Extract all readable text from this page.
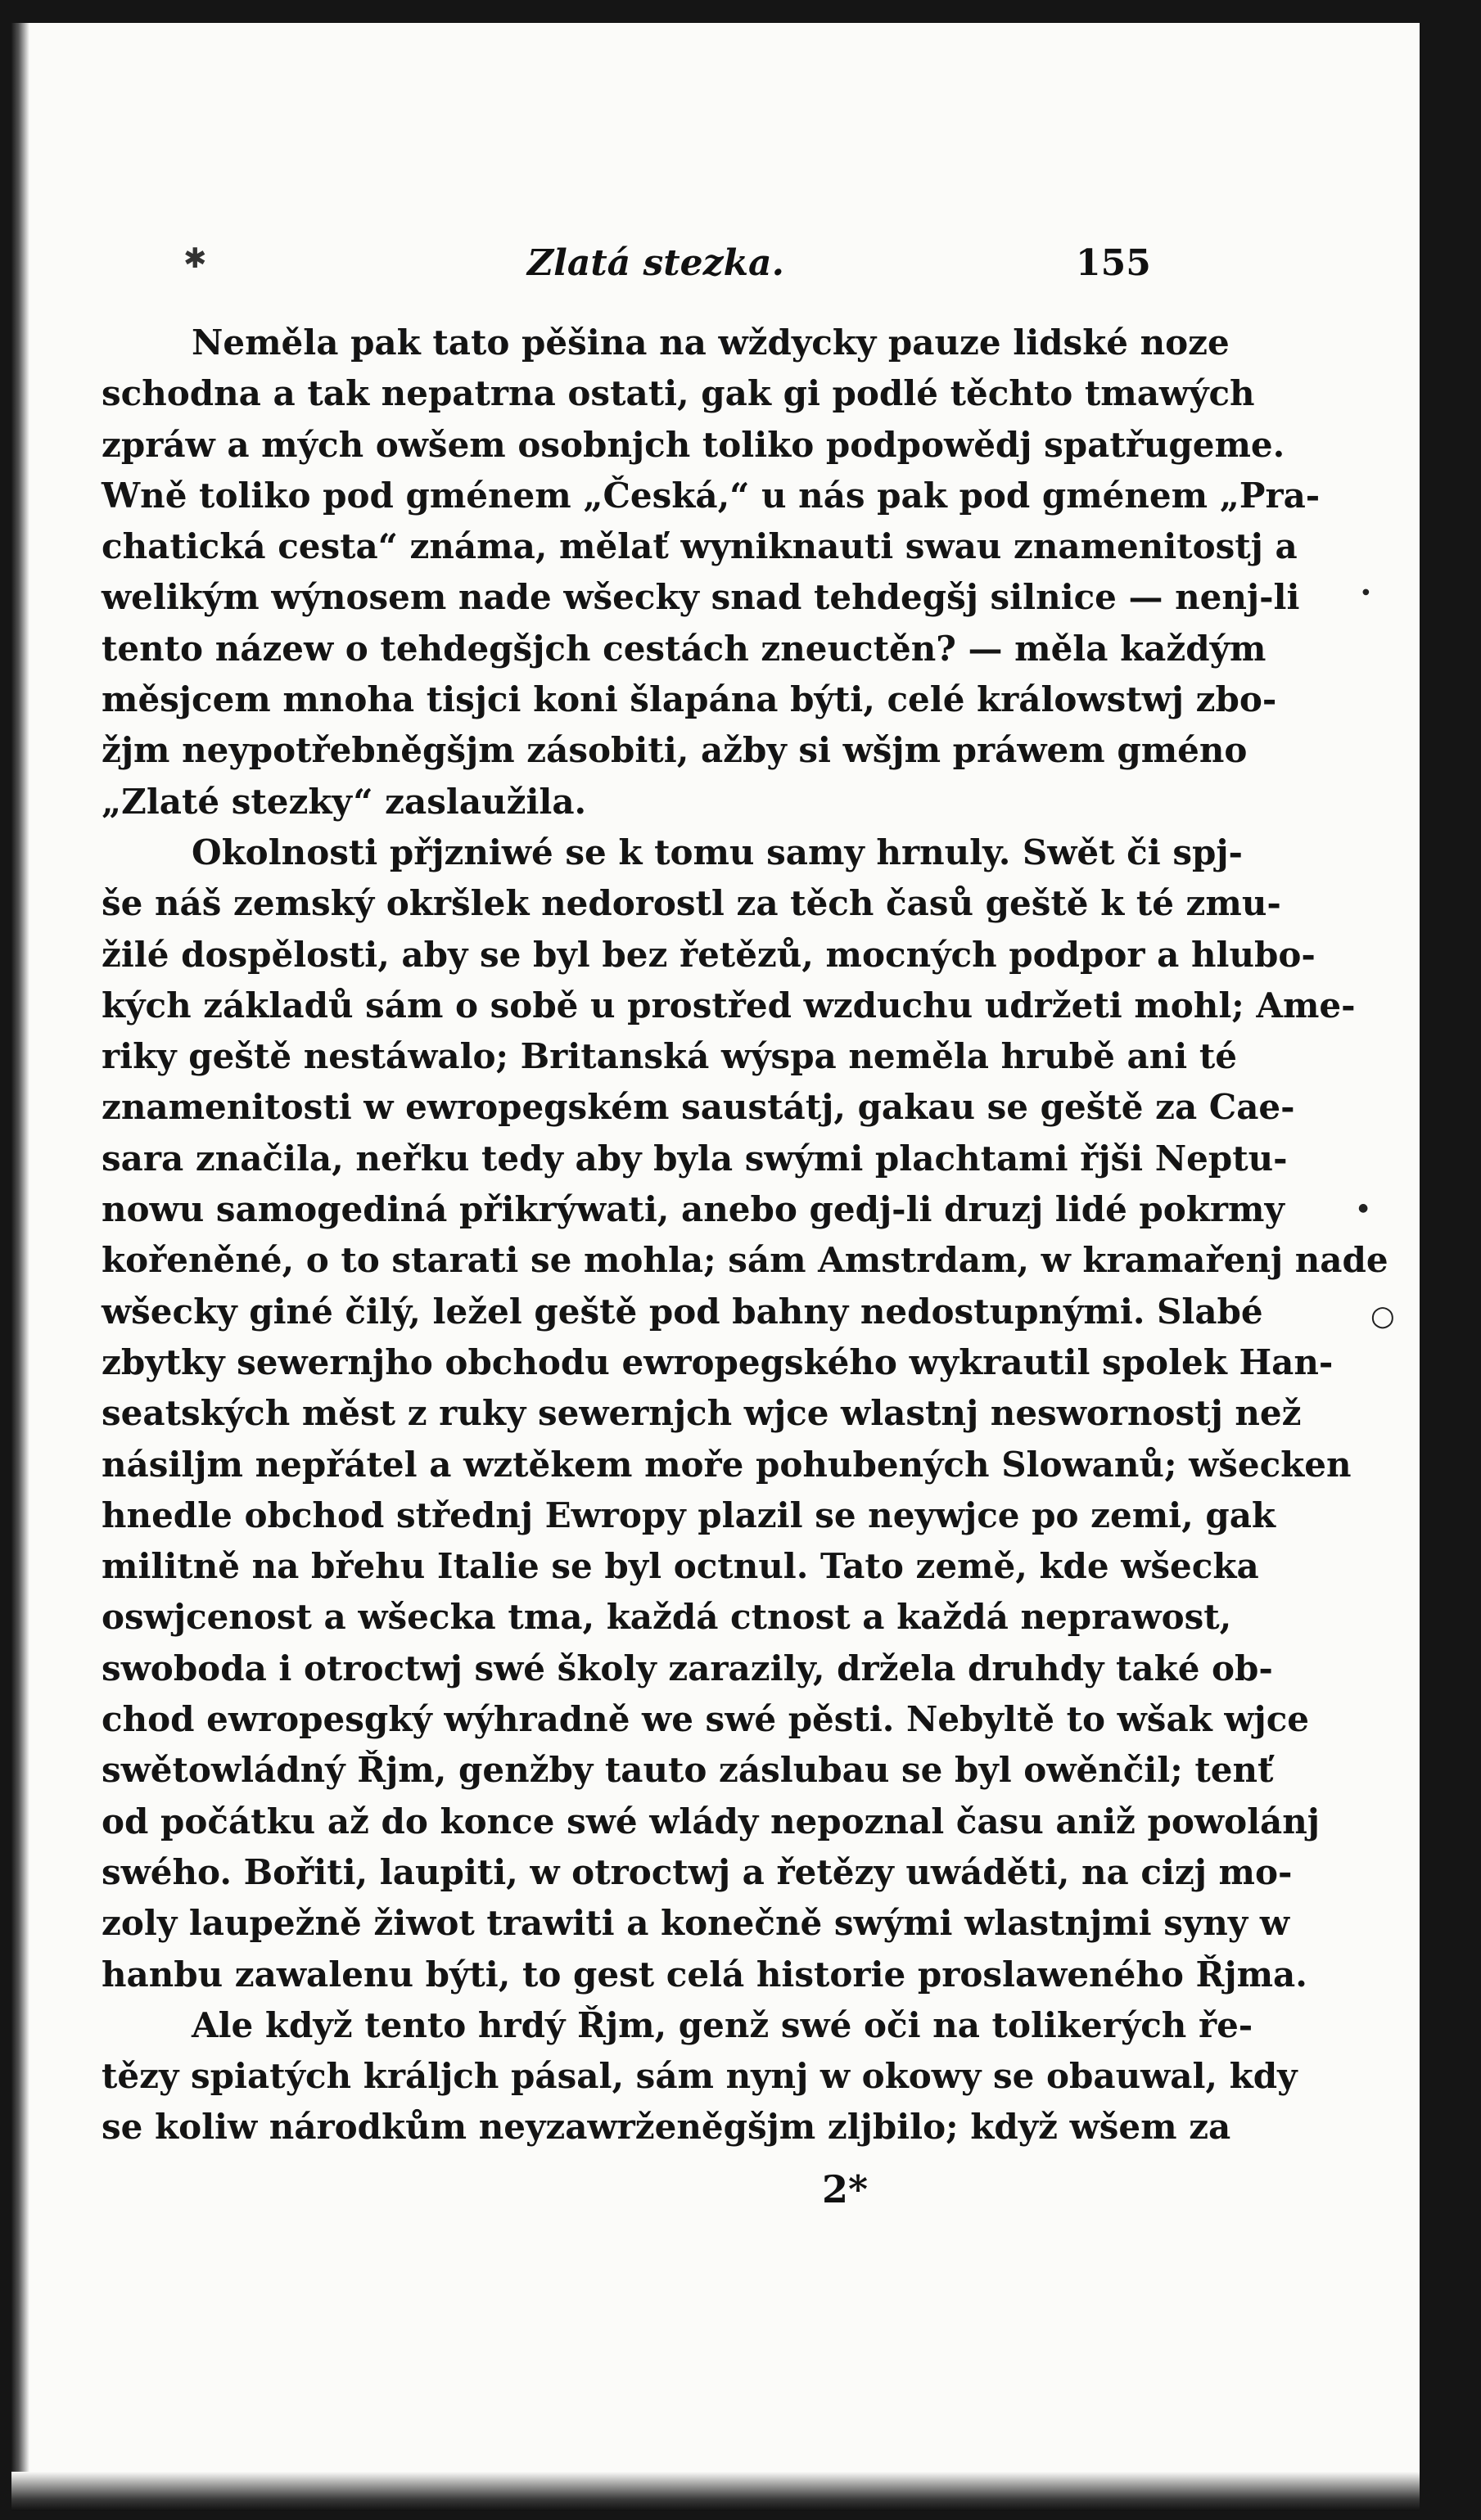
✱	Zlatá stezka.	155
Neměla pak tato pěšina na wždycky pauze lidské noze
schodna a tak nepatrna ostati, gak gi podlé těchto tmawých
zpráw a mých owšem osobnjch toliko podpowědj spatřugeme.
Wně toliko pod gménem „Česká,“ u nás pak pod gménem „Pra-
chatická cesta“ známa, mělať wyniknauti swau znamenitostj a
welikým wýnosem nade wšecky snad tehdegšj silnice — nenj-li
tento názew o tehdegšjch cestách zneuctěn? — měla každým
měsjcem mnoha tisjci koni šlapána býti, celé králowstwj zbo-
žjm neypotřebněgšjm zásobiti, ažby si wšjm práwem gméno
„Zlaté stezky“ zaslaužila.
Okolnosti přjzniwé se k tomu samy hrnuly. Swět či spj-
še náš zemský okršlek nedorostl za těch časů geště k té zmu-
žilé dospělosti, aby se byl bez řetězů, mocných podpor a hlubo-
kých základů sám o sobě u prostřed wzduchu udržeti mohl; Ame-
riky geště nestáwalo; Britanská wýspa neměla hrubě ani té
znamenitosti w ewropegském saustátj, gakau se geště za Cae-
sara značila, neřku tedy aby byla swými plachtami řjši Neptu-
nowu samogediná přikrýwati, anebo gedj-li druzj lidé pokrmy
kořeněné, o to starati se mohla; sám Amstrdam, w kramařenj nade
wšecky giné čilý, ležel geště pod bahny nedostupnými. Slabé
zbytky sewernjho obchodu ewropegského wykrautil spolek Han-
seatských měst z ruky sewernjch wjce wlastnj neswornostj než
násiljm nepřátel a wztěkem moře pohubených Slowanů; wšecken
hnedle obchod střednj Ewropy plazil se neywjce po zemi, gak
militně na břehu Italie se byl octnul. Tato země, kde wšecka
oswjcenost a wšecka tma, každá ctnost a každá neprawost,
swoboda i otroctwj swé školy zarazily, držela druhdy také ob-
chod ewropesgký wýhradně we swé pěsti. Nebyltě to wšak wjce
swětowládný Řjm, genžby tauto záslubau se byl owěnčil; tenť
od počátku až do konce swé wlády nepoznal času aniž powolánj
swého. Bořiti, laupiti, w otroctwj a řetězy uwáděti, na cizj mo-
zoly laupežně žiwot trawiti a konečně swými wlastnjmi syny w
hanbu zawalenu býti, to gest celá historie proslaweného Řjma.
Ale když tento hrdý Řjm, genž swé oči na tolikerých ře-
tězy spiatých králjch pásal, sám nynj w okowy se obauwal, kdy
se koliw národkům neyzawrženěgšjm zljbilo; když wšem za
2*
○
●
●
